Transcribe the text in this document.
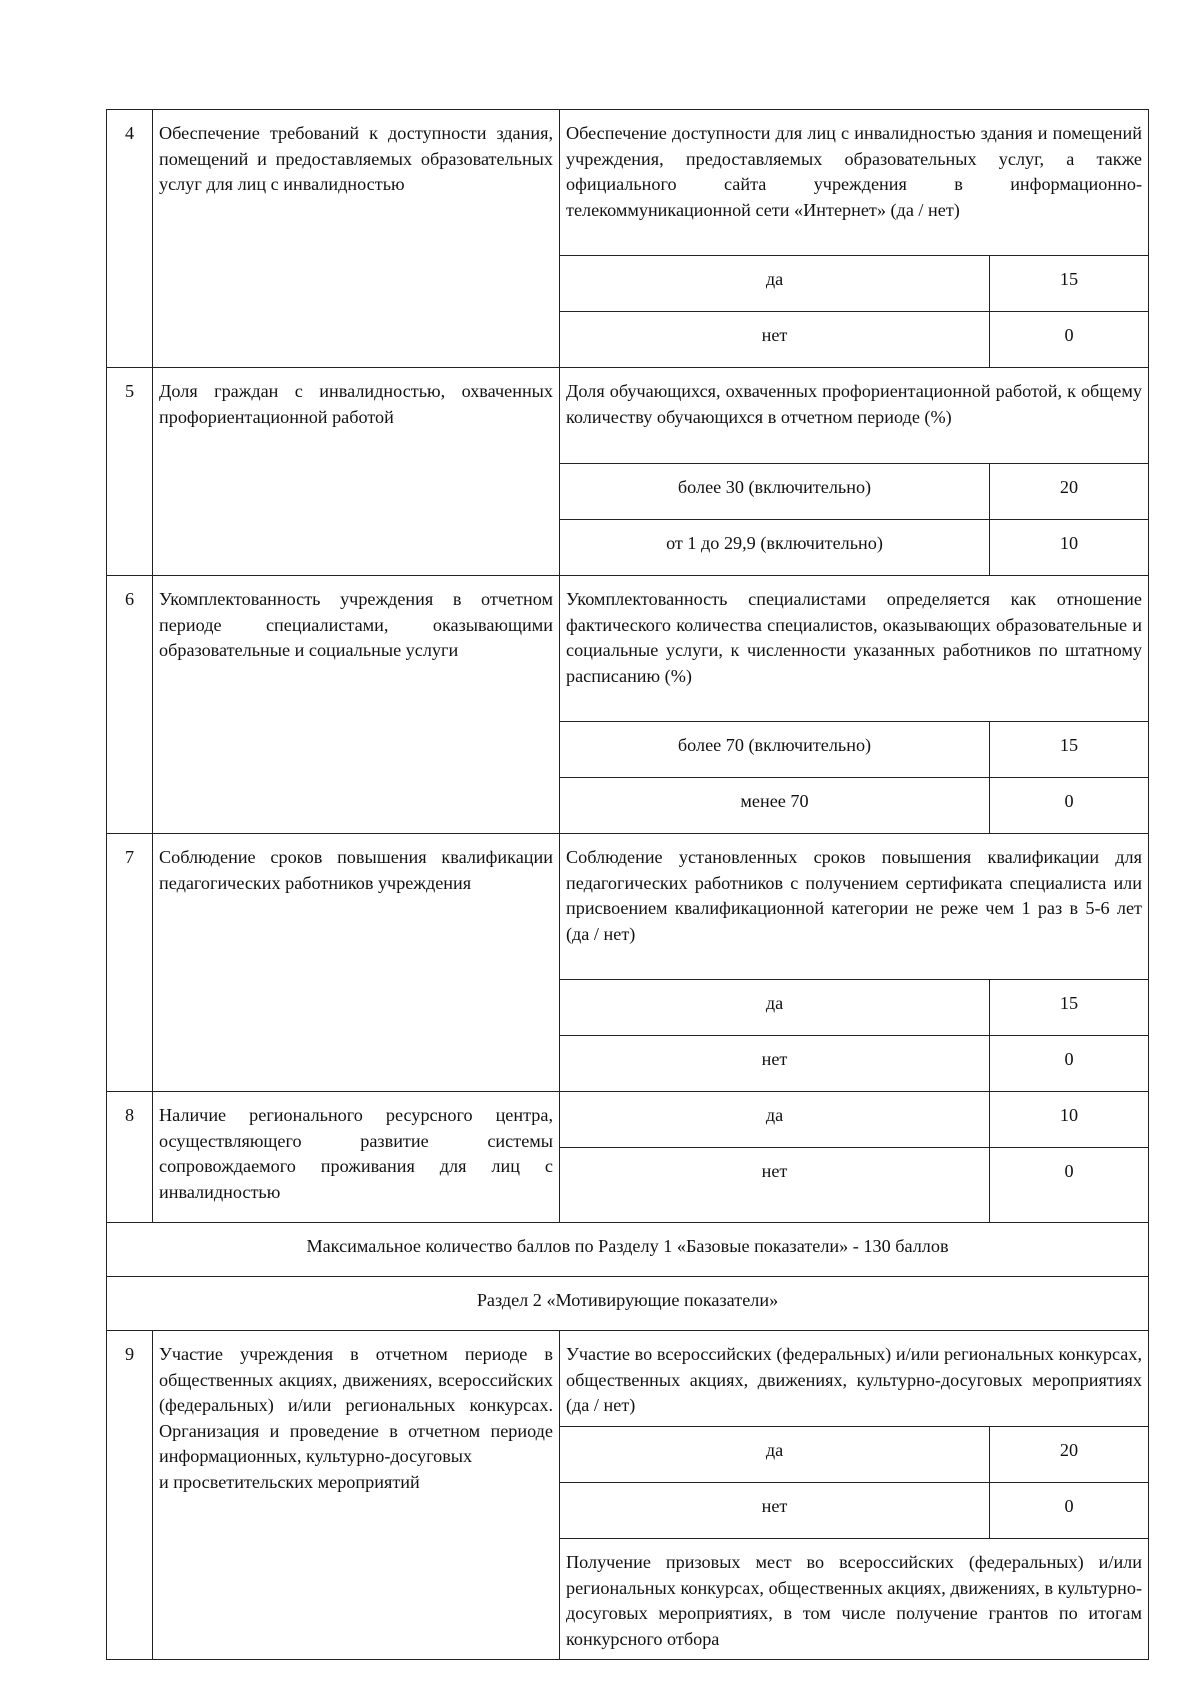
4	Обеспечение требований к доступности здания, помещений и предоставляемых образовательных услуг для лиц с инвалидностью	Обеспечение доступности для лиц с инвалидностью здания и помещений учреждения, предоставляемых образовательных услуг, а также официального сайта учреждения в информационно-телекоммуникационной сети «Интернет» (да / нет)	
		да	15
		нет	0
5	Доля граждан с инвалидностью, охваченных профориентационной работой	Доля обучающихся, охваченных профориентационной работой, к общему количеству обучающихся в отчетном периоде (%)	
		более 30 (включительно)	20
		от 1 до 29,9 (включительно)	10
6	Укомплектованность учреждения в отчетном периоде специалистами, оказывающими образовательные и социальные услуги	Укомплектованность специалистами определяется как отношение фактического количества специалистов, оказывающих образовательные и социальные услуги, к численности указанных работников по штатному расписанию (%)	
		более 70 (включительно)	15
		менее 70	0
7	Соблюдение сроков повышения квалификации педагогических работников учреждения	Соблюдение установленных сроков повышения квалификации для педагогических работников с получением сертификата специалиста или присвоением квалификационной категории не реже чем 1 раз в 5-6 лет (да / нет)	
		да	15
		нет	0
8	Наличие регионального ресурсного центра, осуществляющего развитие системы сопровождаемого проживания для лиц с инвалидностью	да	10
		нет	0
Максимальное количество баллов по Разделу 1 «Базовые показатели» - 130 баллов			
Раздел 2 «Мотивирующие показатели»			
9	Участие учреждения в отчетном периоде в общественных акциях, движениях, всероссийских (федеральных) и/или региональных конкурсах. Организация и проведение в отчетном периоде информационных, культурно-досуговых
и просветительских мероприятий	Участие во всероссийских (федеральных) и/или региональных конкурсах, общественных акциях, движениях, культурно-досуговых мероприятиях (да / нет)	
		да	20
		нет	0
		Получение призовых мест во всероссийских (федеральных) и/или региональных конкурсах, общественных акциях, движениях, в культурно-досуговых мероприятиях, в том числе получение грантов по итогам конкурсного отбора	
